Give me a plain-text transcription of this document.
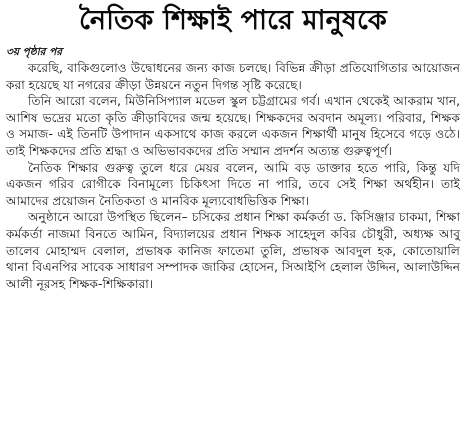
নৈতিক শিক্ষাই পারে মানুষকে
৩য় পৃষ্ঠার পর

করেছি, বাকিগুলোও উদ্বোধনের জন্য কাজ চলছে। বিভিন্ন ক্রীড়া প্রতিযোগিতার আয়োজন করা হয়েছে যা নগরের ক্রীড়া উন্নয়নে নতুন দিগন্ত সৃষ্টি করেছে।

তিনি আরো বলেন, মিউনিসিপ্যাল মডেল স্কুল চট্টগ্রামের গর্ব। এখান থেকেই আকরাম খান, আশিষ ভদ্রের মতো কৃতি ক্রীড়াবিদের জন্ম হয়েছে। শিক্ষকদের অবদান অমূল্য। পরিবার, শিক্ষক ও সমাজ- এই তিনটি উপাদান একসাথে কাজ করলে একজন শিক্ষার্থী মানুষ হিসেবে গড়ে ওঠে। তাই শিক্ষকদের প্রতি শ্রদ্ধা ও অভিভাবকদের প্রতি সম্মান প্রদর্শন অত্যন্ত গুরুত্বপূর্ণ।

নৈতিক শিক্ষার গুরুত্ব তুলে ধরে মেয়র বলেন, আমি বড় ডাক্তার হতে পারি, কিন্তু যদি একজন গরিব রোগীকে বিনামূল্যে চিকিৎসা দিতে না পারি, তবে সেই শিক্ষা অর্থহীন। তাই আমাদের প্রয়োজন নৈতিকতা ও মানবিক মূল্যবোধভিত্তিক শিক্ষা।

অনুষ্ঠানে আরো উপস্থিত ছিলেন– চসিকের প্রধান শিক্ষা কর্মকর্তা ড. কিসিঞ্জার চাকমা, শিক্ষা কর্মকর্তা নাজমা বিনতে আমিন, বিদ্যালয়ের প্রধান শিক্ষক সাহেদুল কবির চৌধুরী, অধ্যক্ষ আবু তালেব মোহাম্মদ বেলাল, প্রভাষক কানিজ ফাতেমা তুলি, প্রভাষক আবদুল হক, কোতোয়ালি থানা বিএনপির সাবেক সাধারণ সম্পাদক জাকির হোসেন, সিআইপি হেলাল উদ্দিন, আলাউদ্দিন আলী নূরসহ শিক্ষক-শিক্ষিকারা।
